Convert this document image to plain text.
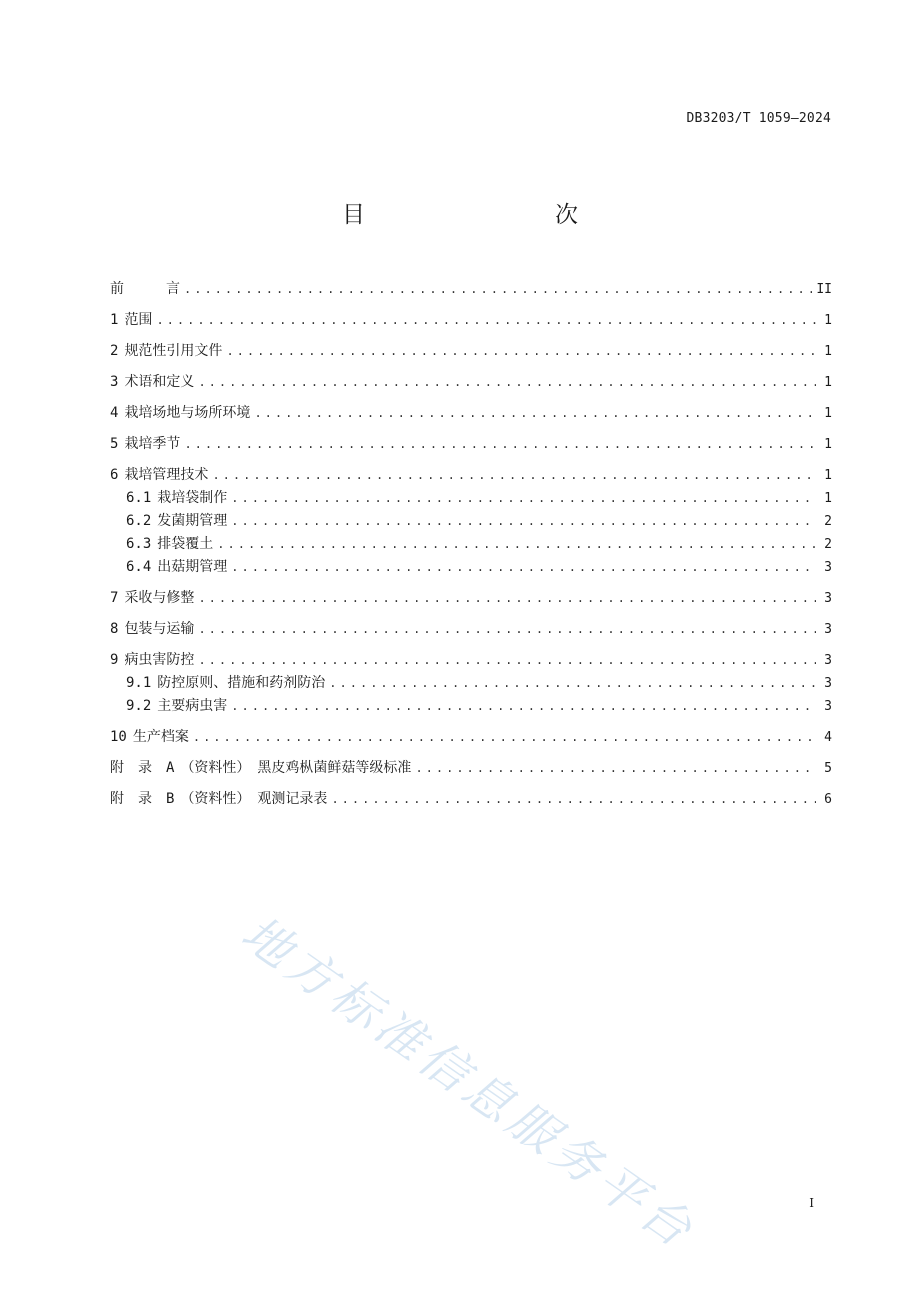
DB3203/T 1059—2024
目　　次
前	言 .....	II
1 范围 .....	1
2 规范性引用文件 .....	1
3 术语和定义 .....	1
4 栽培场地与场所环境 .....	1
5 栽培季节 .....	1
6 栽培管理技术 .....	1
6.1 栽培袋制作 .....	1
6.2 发菌期管理 .....	2
6.3 排袋覆土 .....	2
6.4 出菇期管理 .....	3
7 采收与修整 .....	3
8 包装与运输 .....	3
9 病虫害防控 .....	3
9.1 防控原则、措施和药剂防治 .....	3
9.2 主要病虫害 .....	3
10 生产档案 .....	4
附　录　A （资料性）　黑皮鸡枞菌鲜菇等级标准 .....	5
附　录　B （资料性）　观测记录表 .....	6
地方标准信息服务平台	I
